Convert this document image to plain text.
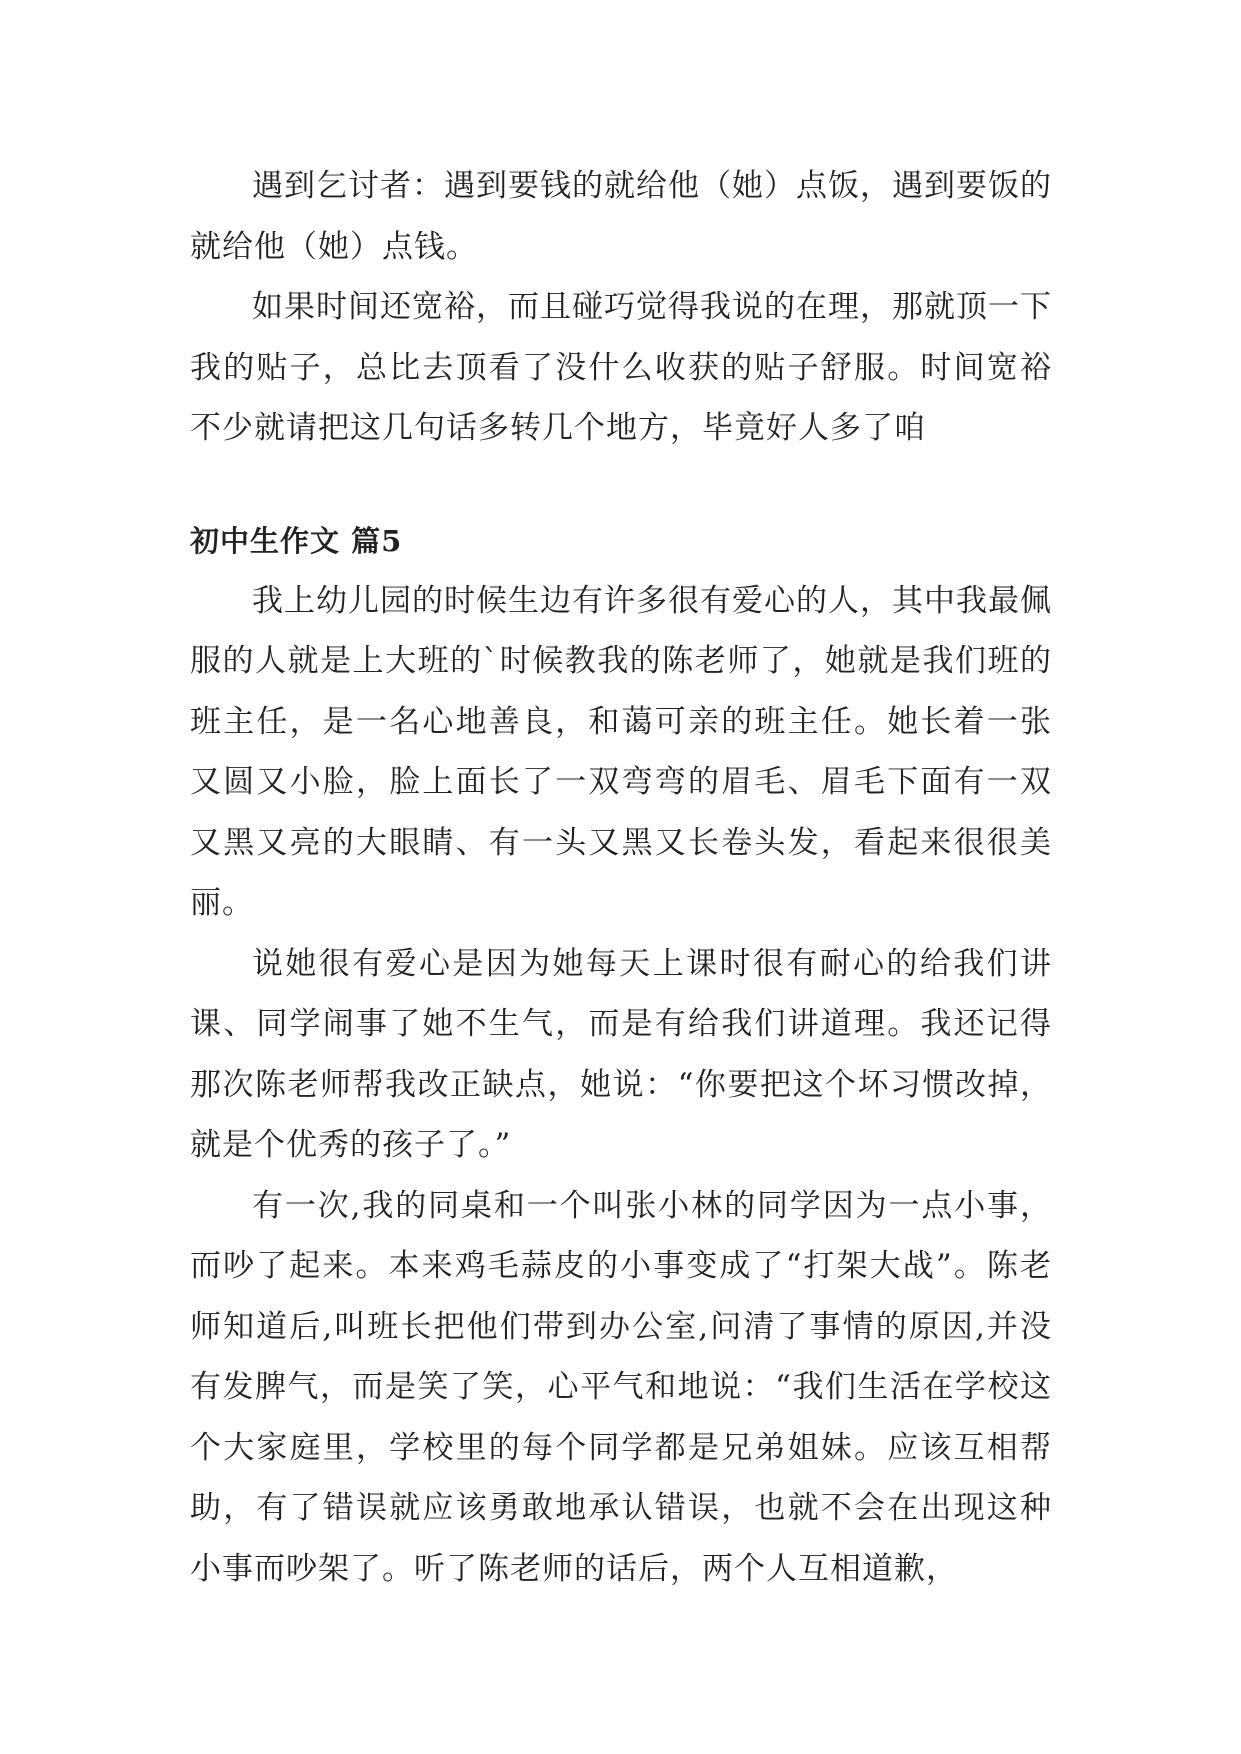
遇到乞讨者：遇到要钱的就给他（她）点饭，遇到要饭的就给他（她）点钱。

如果时间还宽裕，而且碰巧觉得我说的在理，那就顶一下我的贴子，总比去顶看了没什么收获的贴子舒服。时间宽裕不少就请把这几句话多转几个地方，毕竟好人多了咱

初中生作文 篇5

我上幼儿园的时候生边有许多很有爱心的人，其中我最佩服的人就是上大班的`时候教我的陈老师了，她就是我们班的班主任，是一名心地善良，和蔼可亲的班主任。她长着一张又圆又小脸，脸上面长了一双弯弯的眉毛、眉毛下面有一双又黑又亮的大眼睛、有一头又黑又长卷头发，看起来很很美丽。

说她很有爱心是因为她每天上课时很有耐心的给我们讲课、同学闹事了她不生气，而是有给我们讲道理。我还记得那次陈老师帮我改正缺点，她说：“你要把这个坏习惯改掉，就是个优秀的孩子了。”

有一次,我的同桌和一个叫张小林的同学因为一点小事，而吵了起来。本来鸡毛蒜皮的小事变成了“打架大战”。陈老师知道后,叫班长把他们带到办公室,问清了事情的原因,并没有发脾气，而是笑了笑，心平气和地说：“我们生活在学校这个大家庭里，学校里的每个同学都是兄弟姐妹。应该互相帮助，有了错误就应该勇敢地承认错误，也就不会在出现这种小事而吵架了。听了陈老师的话后，两个人互相道歉，
